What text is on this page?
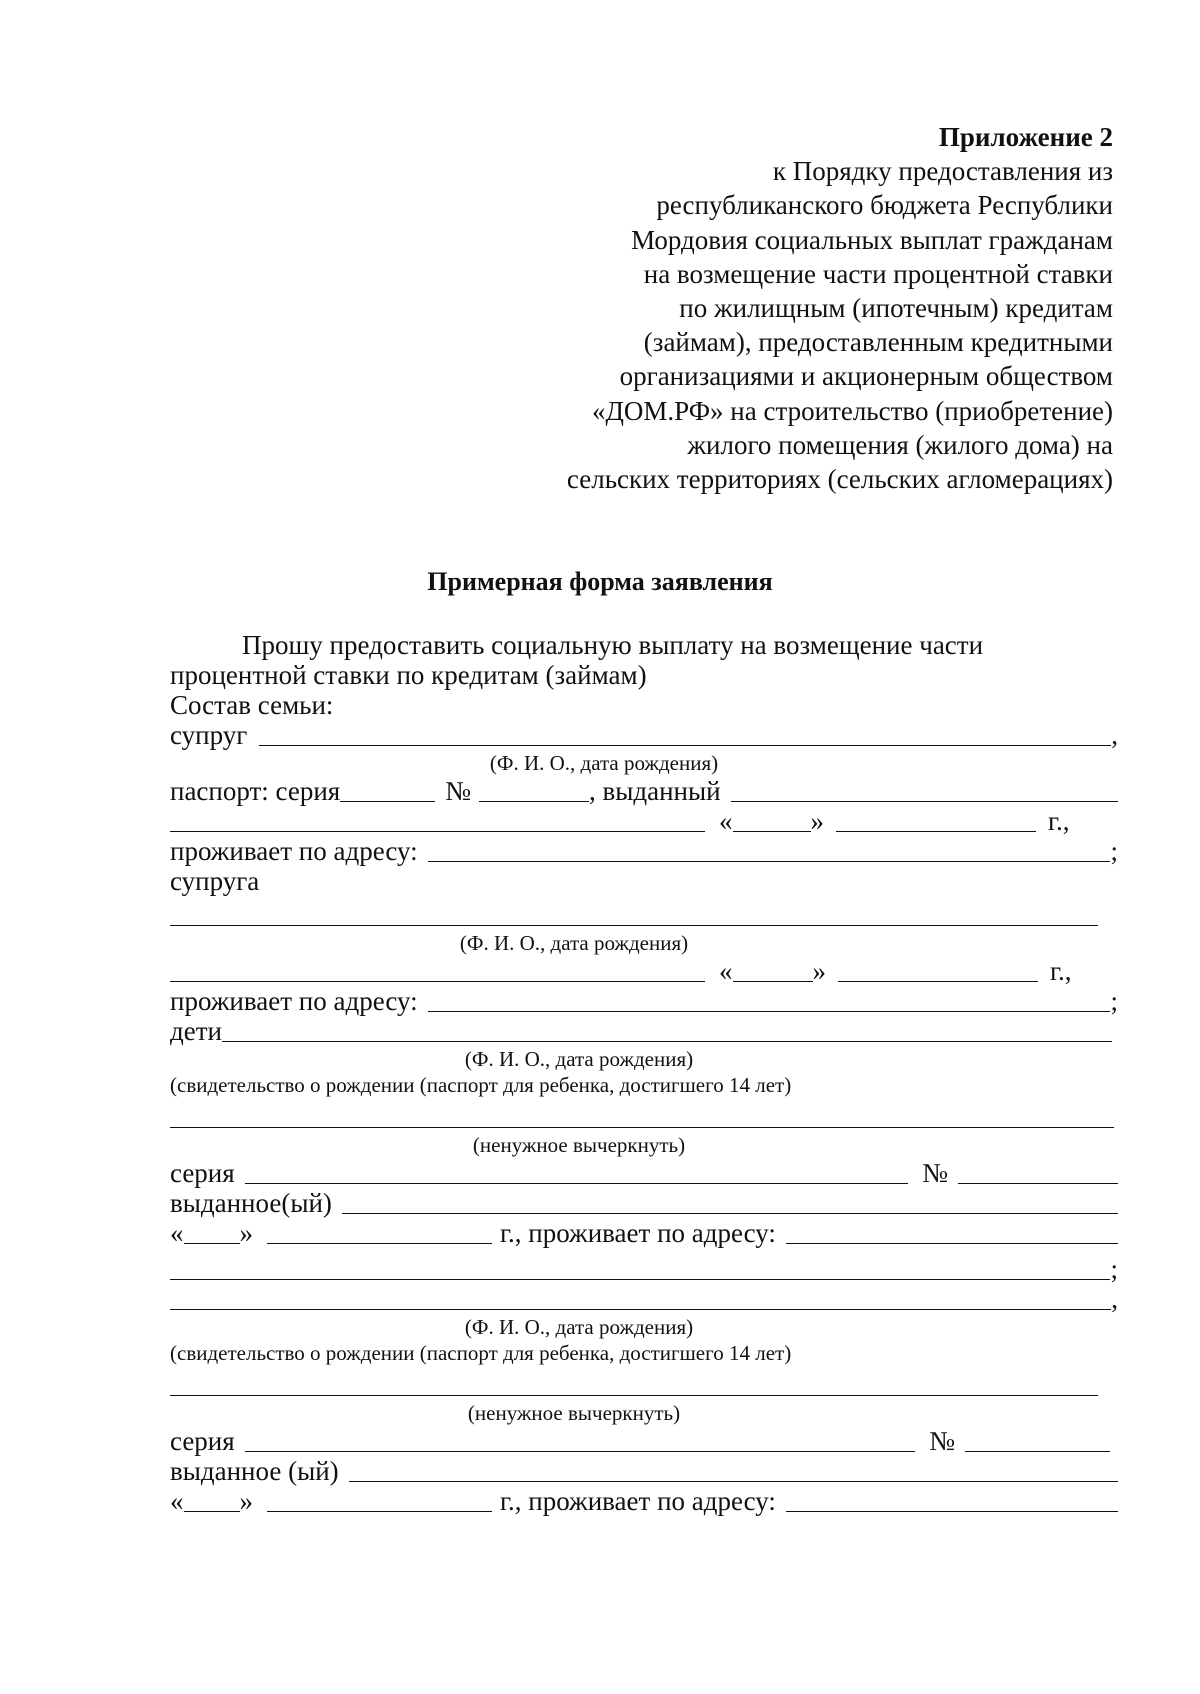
Приложение 2
к Порядку предоставления из
республиканского бюджета Республики
Мордовия социальных выплат гражданам
на возмещение части процентной ставки
по жилищным (ипотечным) кредитам
(займам), предоставленным кредитными
организациями и акционерным обществом
«ДОМ.РФ» на строительство (приобретение)
жилого помещения (жилого дома) на
сельских территориях (сельских агломерациях)
Примерная форма заявления
Прошу предоставить социальную выплату на возмещение части
процентной ставки по кредитам (займам)
Состав семьи:
супруг	,
(Ф. И. О., дата рождения)
паспорт: серия	№	, выданный
«	»	г.,
проживает по адресу:	;
супруга
(Ф. И. О., дата рождения)
«	»	г.,
проживает по адресу:	;
дети
(Ф. И. О., дата рождения)
(свидетельство о рождении (паспорт для ребенка, достигшего 14 лет)
(ненужное вычеркнуть)
серия	№
выданное(ый)
« »	г., проживает по адресу:
;
,
(Ф. И. О., дата рождения)
(свидетельство о рождении (паспорт для ребенка, достигшего 14 лет)
(ненужное вычеркнуть)
серия	№
выданное (ый)
« »	г., проживает по адресу:
